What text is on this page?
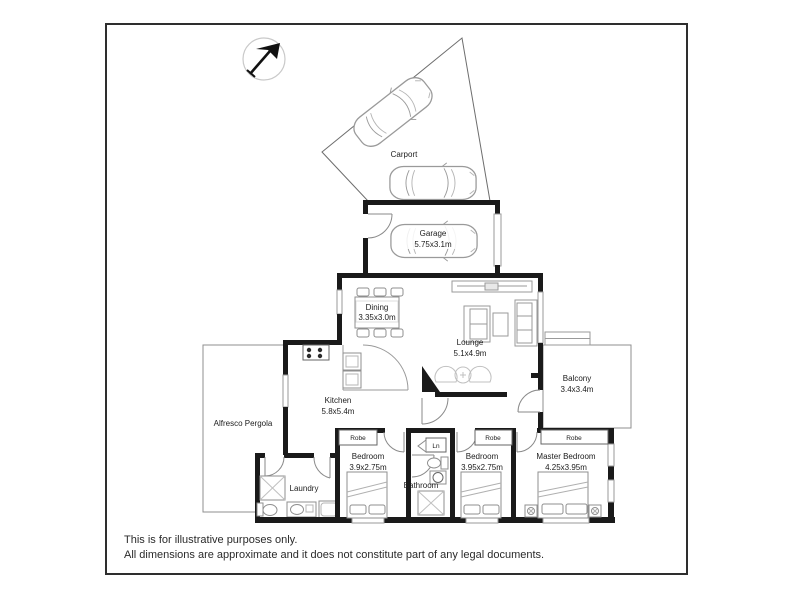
Carport
Balcony
3.4x3.4m
Alfresco Pergola
Garage
5.75x3.1m
Dining
3.35x3.0m
Lounge
5.1x4.9m
Kitchen
5.8x5.4m
Laundry
Ln
Bathroom
Robe
Bedroom
3.9x2.75m
Robe
Bedroom
3.95x2.75m
Robe
Master Bedroom
4.25x3.95m
This is for illustrative purposes only.
All dimensions are approximate and it does not constitute part of any legal documents.
